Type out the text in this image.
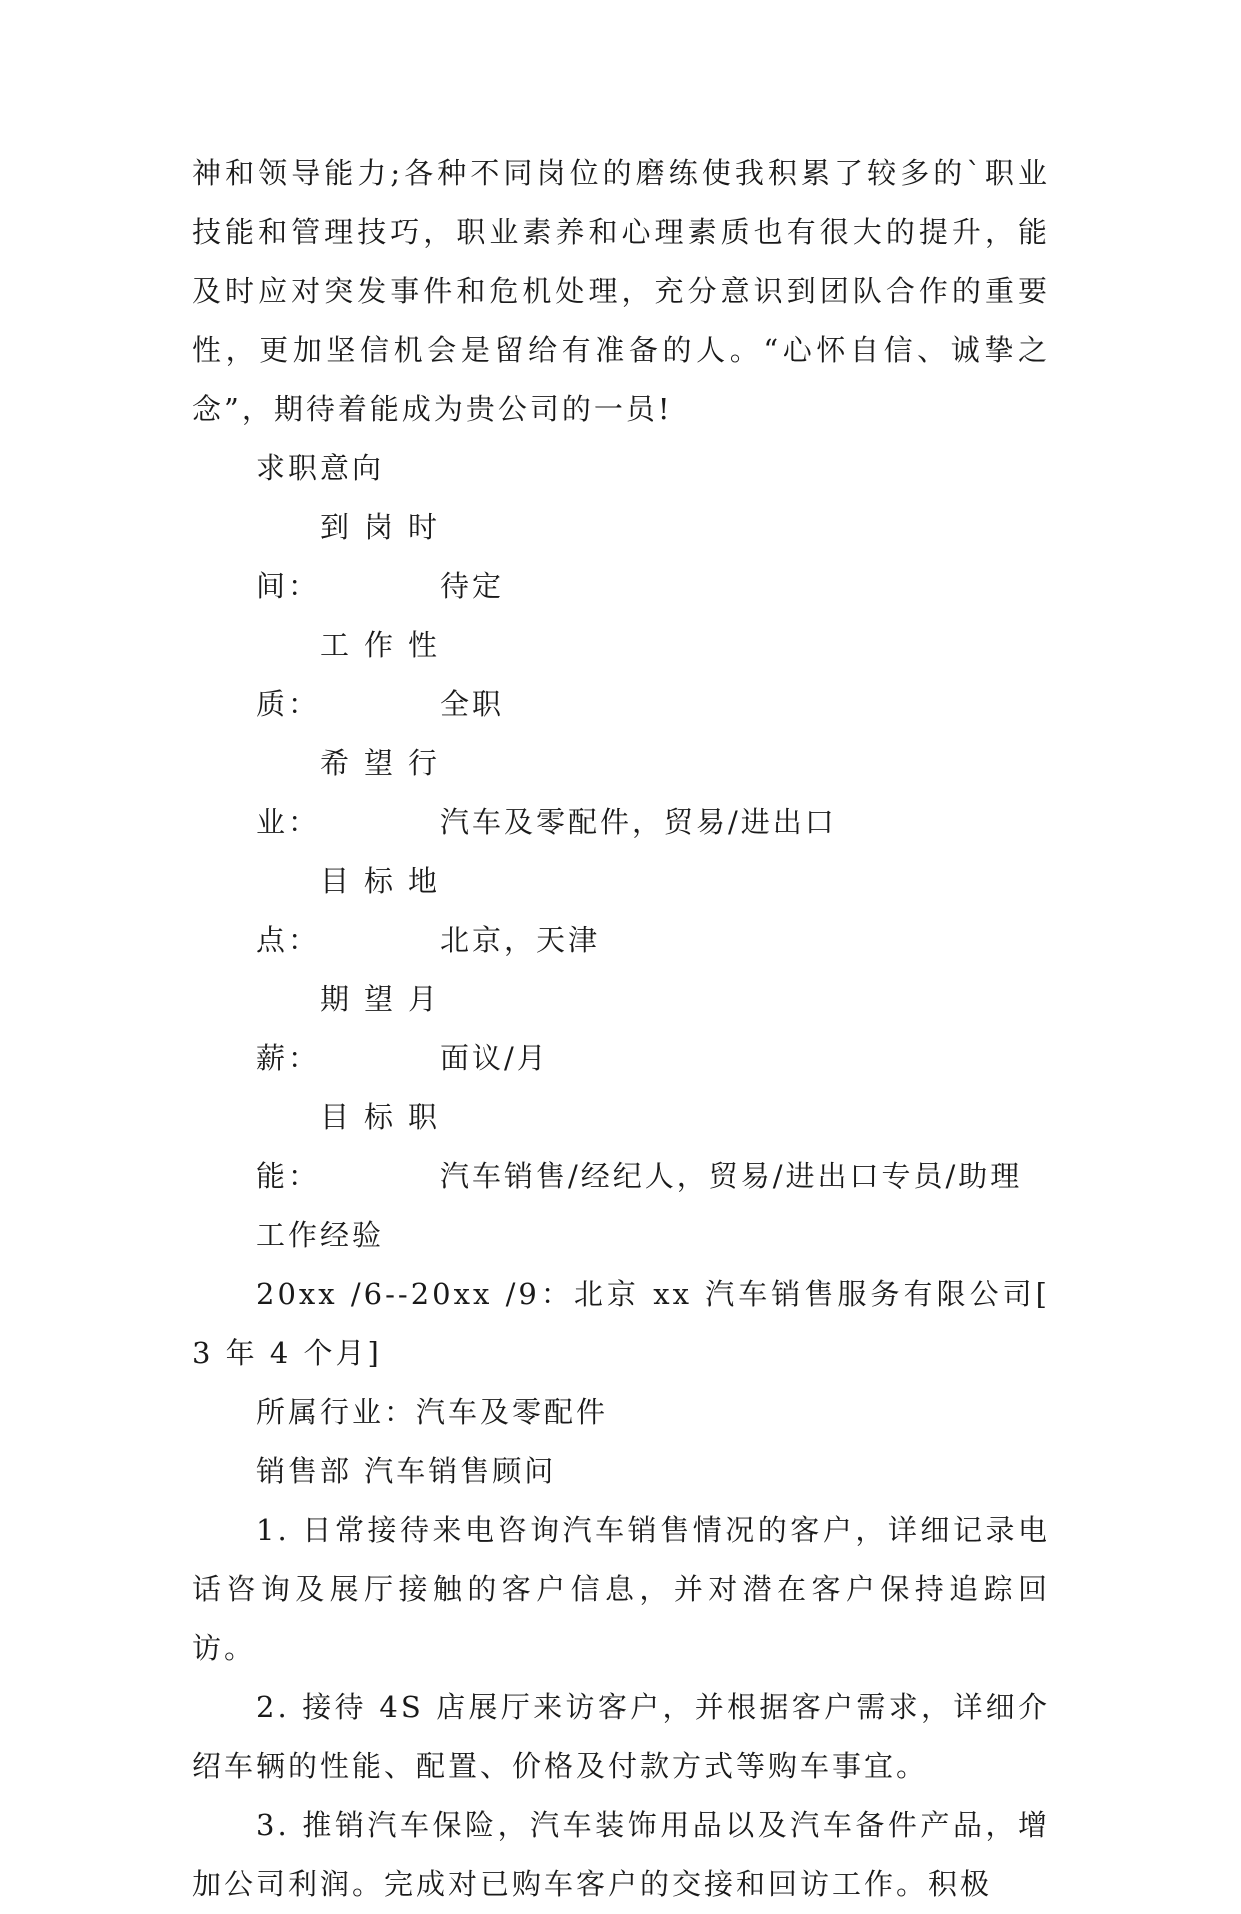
神和领导能力;各种不同岗位的磨练使我积累了较多的`职业技能和管理技巧，职业素养和心理素质也有很大的提升，能及时应对突发事件和危机处理，充分意识到团队合作的重要性，更加坚信机会是留给有准备的人。“心怀自信、诚挚之念”，期待着能成为贵公司的一员!

求职意向

到岗时间：	待定

工作性质：	全职

希望行业：	汽车及零配件，贸易/进出口

目标地点：	北京，天津

期望月薪：	面议/月

目标职能：	汽车销售/经纪人，贸易/进出口专员/助理

工作经验

20xx /6--20xx /9：北京 xx 汽车销售服务有限公司[ 3 年 4 个月]

所属行业：汽车及零配件

销售部 汽车销售顾问

1. 日常接待来电咨询汽车销售情况的客户，详细记录电话咨询及展厅接触的客户信息，并对潜在客户保持追踪回访。

2. 接待 4S 店展厅来访客户，并根据客户需求，详细介绍车辆的性能、配置、价格及付款方式等购车事宜。

3. 推销汽车保险，汽车装饰用品以及汽车备件产品，增加公司利润。完成对已购车客户的交接和回访工作。积极
